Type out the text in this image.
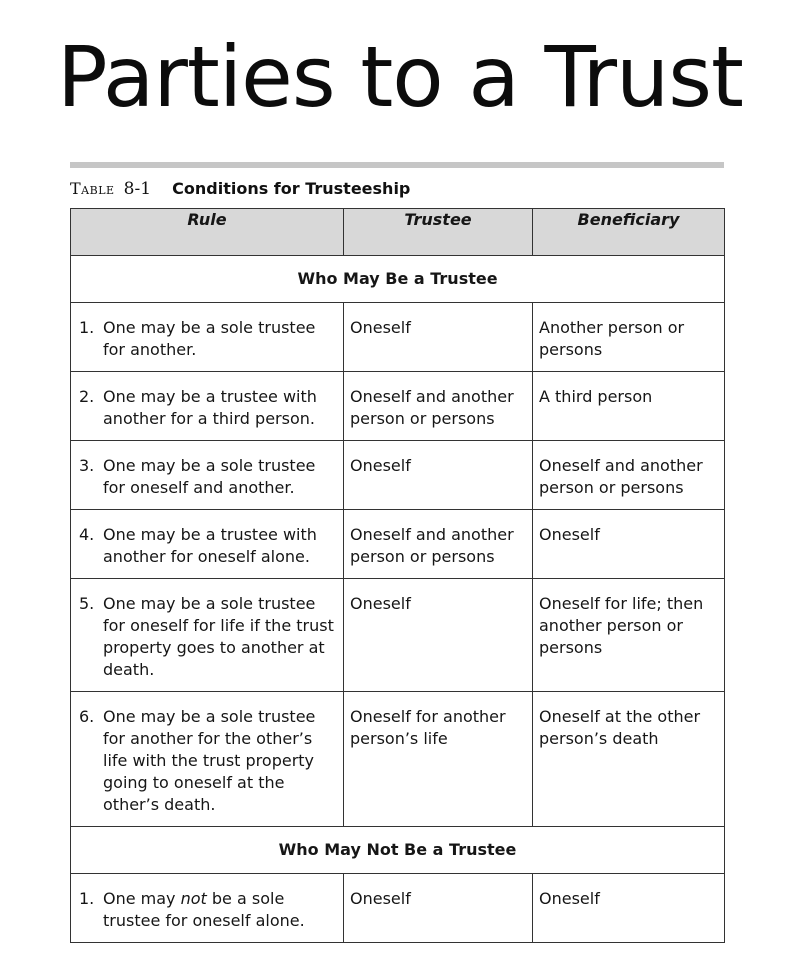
Parties to a Trust
Table 8-1 Conditions for Trusteeship
Rule	Trustee	Beneficiary
Who May Be a Trustee		

1. One may be a sole trustee for another.	Oneself	Another person or persons

2. One may be a trustee with another for a third person.	Oneself and another person or persons	A third person

3. One may be a sole trustee for oneself and another.	Oneself	Oneself and another person or persons

4. One may be a trustee with another for oneself alone.	Oneself and another person or persons	Oneself

5. One may be a sole trustee for oneself for life if the trust property goes to another at death.	Oneself	Oneself for life; then another person or persons

6. One may be a sole trustee for another for the other’s life with the trust property going to oneself at the other’s death.	Oneself for another person’s life	Oneself at the other person’s death

Who May Not Be a Trustee		

1. One may not be a sole trustee for oneself alone.	Oneself	Oneself
